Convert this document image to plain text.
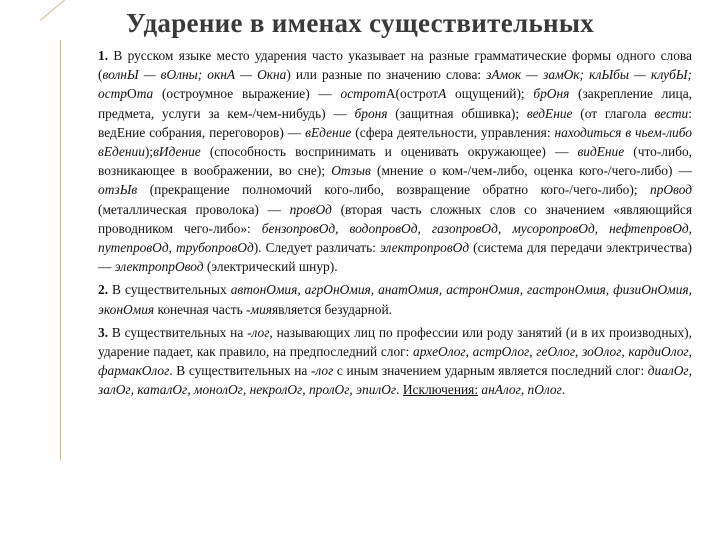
Ударение в именах существительных
1. В русском языке место ударения часто указывает на разные грамматические формы одного слова (волнЫ — вОлны; окнА — Окна) или разные по значению слова: зАмок — замОк; клЫбы — клубЫ; острОта (остроумное выражение) — остротА(остротА ощущений); брОня (закрепление лица, предмета, услуги за кем-/чем-нибудь) — броня (защитная обшивка); ведЕние (от глагола вести: ведЕние собрания, переговоров) — вЕдение (сфера деятельности, управления: находиться в чьем-либо вЕдении);вИдение (способность воспринимать и оценивать окружающее) — видЕние (что-либо, возникающее в воображении, во сне); Отзыв (мнение о ком-/чем-либо, оценка кого-/чего-либо) — отзЫв (прекращение полномочий кого-либо, возвращение обратно кого-/чего-либо); прОвод (металлическая проволока) — провОд (вторая часть сложных слов со значением «являющийся проводником чего-либо»: бензопровОд, водопровОд, газопровОд, мусоропровОд, нефтепровОд, путепровОд, трубопровОд). Следует различать: электропровОд (система для передачи электричества) — электропрОвод (электрический шнур).
2. В существительных автонОмия, агрОнОмия, анатОмия, астронОмия, гастронОмия, физиОнОмия, эконОмия конечная часть -мияявляется безударной.
3. В существительных на -лог, называющих лиц по профессии или роду занятий (и в их производных), ударение падает, как правило, на предпоследний слог: археОлог, астрОлог, геОлог, зоОлог, кардиОлог, фармакОлог. В существительных на -лог с иным значением ударным является последний слог: диалОг, залОг, каталОг, монолОг, некролОг, пролОг, эпилОг. Исключения: анАлог, пОлог.
